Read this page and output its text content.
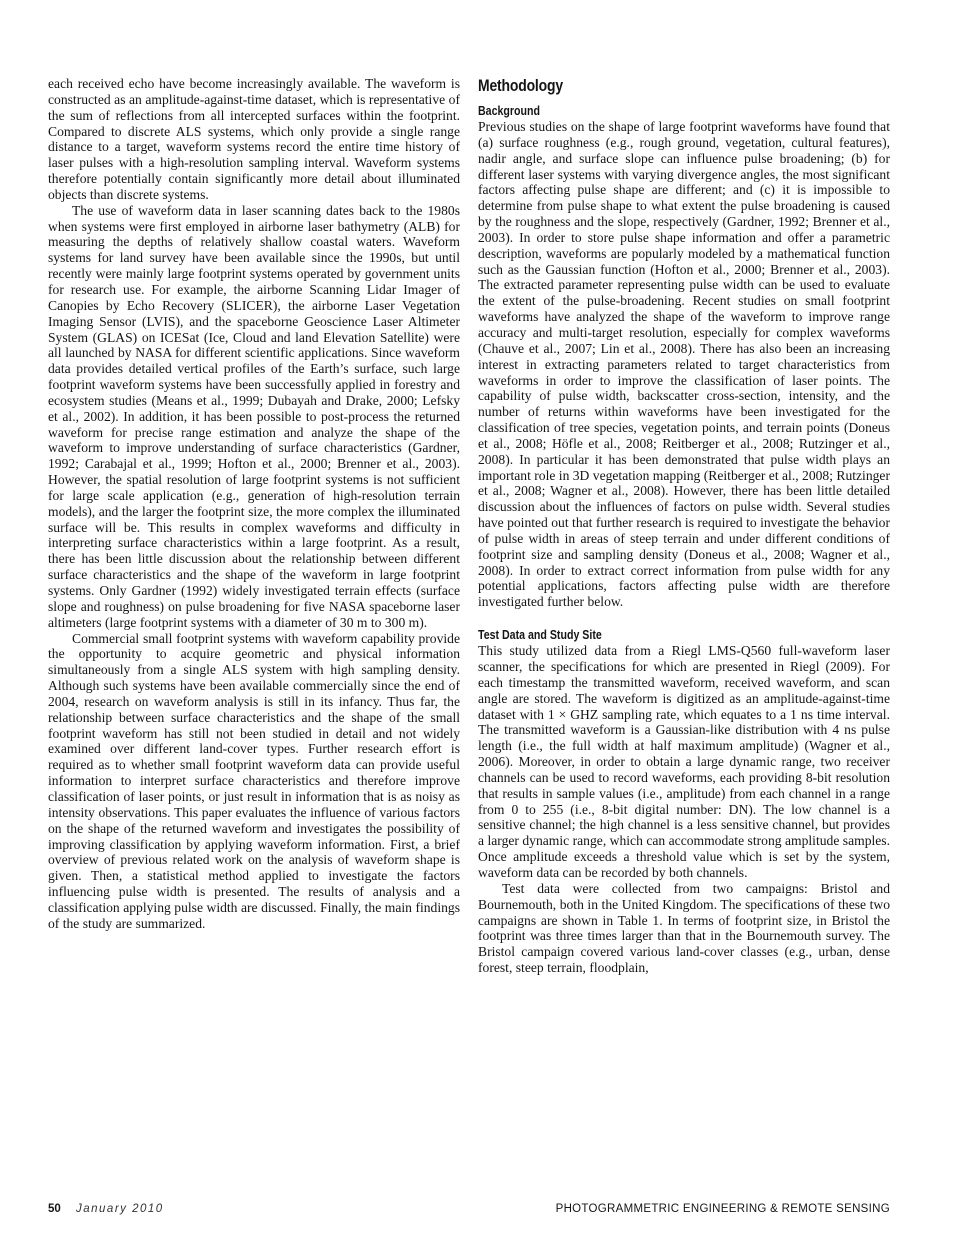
each received echo have become increasingly available. The waveform is constructed as an amplitude-against-time dataset, which is representative of the sum of reflections from all intercepted surfaces within the footprint. Compared to discrete ALS systems, which only provide a single range distance to a target, waveform systems record the entire time history of laser pulses with a high-resolution sampling interval. Waveform systems therefore potentially contain significantly more detail about illuminated objects than discrete systems.

The use of waveform data in laser scanning dates back to the 1980s when systems were first employed in airborne laser bathymetry (ALB) for measuring the depths of relatively shallow coastal waters. Waveform systems for land survey have been available since the 1990s, but until recently were mainly large footprint systems operated by government units for research use. For example, the airborne Scanning Lidar Imager of Canopies by Echo Recovery (SLICER), the airborne Laser Vegetation Imaging Sensor (LVIS), and the spaceborne Geoscience Laser Altimeter System (GLAS) on ICESat (Ice, Cloud and land Elevation Satellite) were all launched by NASA for different scientific applications. Since waveform data provides detailed vertical profiles of the Earth’s surface, such large footprint waveform systems have been successfully applied in forestry and ecosystem studies (Means et al., 1999; Dubayah and Drake, 2000; Lefsky et al., 2002). In addition, it has been possible to post-process the returned waveform for precise range estimation and analyze the shape of the waveform to improve understanding of surface characteristics (Gardner, 1992; Carabajal et al., 1999; Hofton et al., 2000; Brenner et al., 2003). However, the spatial resolution of large footprint systems is not sufficient for large scale application (e.g., generation of high-resolution terrain models), and the larger the footprint size, the more complex the illuminated surface will be. This results in complex waveforms and difficulty in interpreting surface characteristics within a large footprint. As a result, there has been little discussion about the relationship between different surface characteristics and the shape of the waveform in large footprint systems. Only Gardner (1992) widely investigated terrain effects (surface slope and roughness) on pulse broadening for five NASA spaceborne laser altimeters (large footprint systems with a diameter of 30 m to 300 m).

Commercial small footprint systems with waveform capability provide the opportunity to acquire geometric and physical information simultaneously from a single ALS system with high sampling density. Although such systems have been available commercially since the end of 2004, research on waveform analysis is still in its infancy. Thus far, the relationship between surface characteristics and the shape of the small footprint waveform has still not been studied in detail and not widely examined over different land-cover types. Further research effort is required as to whether small footprint waveform data can provide useful information to interpret surface characteristics and therefore improve classification of laser points, or just result in information that is as noisy as intensity observations. This paper evaluates the influence of various factors on the shape of the returned waveform and investigates the possibility of improving classification by applying waveform information. First, a brief overview of previous related work on the analysis of waveform shape is given. Then, a statistical method applied to investigate the factors influencing pulse width is presented. The results of analysis and a classification applying pulse width are discussed. Finally, the main findings of the study are summarized.

Methodology
Background

Previous studies on the shape of large footprint waveforms have found that (a) surface roughness (e.g., rough ground, vegetation, cultural features), nadir angle, and surface slope can influence pulse broadening; (b) for different laser systems with varying divergence angles, the most significant factors affecting pulse shape are different; and (c) it is impossible to determine from pulse shape to what extent the pulse broadening is caused by the roughness and the slope, respectively (Gardner, 1992; Brenner et al., 2003). In order to store pulse shape information and offer a parametric description, waveforms are popularly modeled by a mathematical function such as the Gaussian function (Hofton et al., 2000; Brenner et al., 2003). The extracted parameter representing pulse width can be used to evaluate the extent of the pulse-broadening. Recent studies on small footprint waveforms have analyzed the shape of the waveform to improve range accuracy and multi-target resolution, especially for complex waveforms (Chauve et al., 2007; Lin et al., 2008). There has also been an increasing interest in extracting parameters related to target characteristics from waveforms in order to improve the classification of laser points. The capability of pulse width, backscatter cross-section, intensity, and the number of returns within waveforms have been investigated for the classification of tree species, vegetation points, and terrain points (Doneus et al., 2008; Höfle et al., 2008; Reitberger et al., 2008; Rutzinger et al., 2008). In particular it has been demonstrated that pulse width plays an important role in 3D vegetation mapping (Reitberger et al., 2008; Rutzinger et al., 2008; Wagner et al., 2008). However, there has been little detailed discussion about the influences of factors on pulse width. Several studies have pointed out that further research is required to investigate the behavior of pulse width in areas of steep terrain and under different conditions of footprint size and sampling density (Doneus et al., 2008; Wagner et al., 2008). In order to extract correct information from pulse width for any potential applications, factors affecting pulse width are therefore investigated further below.

Test Data and Study Site

This study utilized data from a Riegl LMS-Q560 full-waveform laser scanner, the specifications for which are presented in Riegl (2009). For each timestamp the transmitted waveform, received waveform, and scan angle are stored. The waveform is digitized as an amplitude-against-time dataset with 1 × GHZ sampling rate, which equates to a 1 ns time interval. The transmitted waveform is a Gaussian-like distribution with 4 ns pulse length (i.e., the full width at half maximum amplitude) (Wagner et al., 2006). Moreover, in order to obtain a large dynamic range, two receiver channels can be used to record waveforms, each providing 8-bit resolution that results in sample values (i.e., amplitude) from each channel in a range from 0 to 255 (i.e., 8-bit digital number: DN). The low channel is a sensitive channel; the high channel is a less sensitive channel, but provides a larger dynamic range, which can accommodate strong amplitude samples. Once amplitude exceeds a threshold value which is set by the system, waveform data can be recorded by both channels.

Test data were collected from two campaigns: Bristol and Bournemouth, both in the United Kingdom. The specifications of these two campaigns are shown in Table 1. In terms of footprint size, in Bristol the footprint was three times larger than that in the Bournemouth survey. The Bristol campaign covered various land-cover classes (e.g., urban, dense forest, steep terrain, floodplain,

50 January 2010	PHOTOGRAMMETRIC ENGINEERING & REMOTE SENSING
